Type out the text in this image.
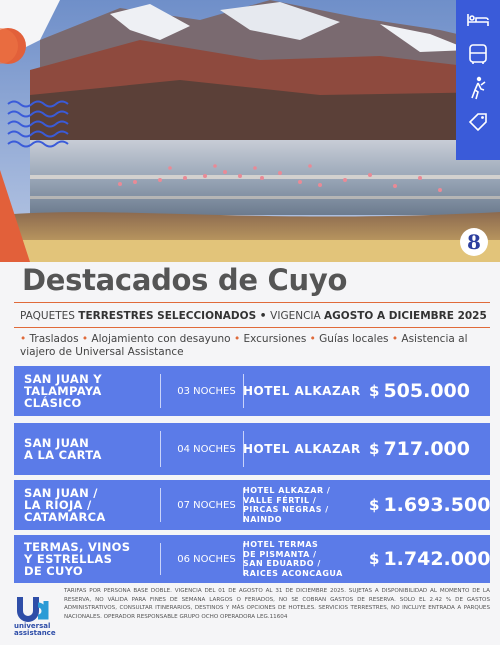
8
Destacados de Cuyo
PAQUETES TERRESTRES SELECCIONADOS • VIGENCIA AGOSTO A DICIEMBRE 2025
• Traslados • Alojamiento con desayuno • Excursiones • Guías locales • Asistencia al viajero de Universal Assistance
SAN JUAN Y
TALAMPAYA
CLÁSICO
03 NOCHES HOTEL ALKAZAR $ 505.000
SAN JUAN
A LA CARTA	04 NOCHES HOTEL ALKAZAR $ 717.000
SAN JUAN /
LA RIOJA /
CATAMARCA
07 NOCHES
HOTEL ALKAZAR /
VALLE FÉRTIL /
PIRCAS NEGRAS /
NAINDO
$ 1.693.500
TERMAS, VINOS
Y ESTRELLAS
DE CUYO
06 NOCHES
HOTEL TERMAS
DE PISMANTA /
SAN EDUARDO /
RAICES ACONCAGUA
$ 1.742.000
universal
assistance
TARIFAS POR PERSONA BASE DOBLE. VIGENCIA DEL 01 DE AGOSTO AL 31 DE DICIEMBRE 2025. SUJETAS A DISPONIBILIDAD AL MOMENTO DE LA RESERVA, NO VÁLIDA PARA FINES DE SEMANA LARGOS O FERIADOS, NO SE COBRAN GASTOS DE RESERVA. SOLO EL 2.42 % DE GASTOS ADMINISTRATIVOS, CONSULTAR ITINERARIOS, DESTINOS Y MÁS OPCIONES DE HOTELES. SERVICIOS TERRESTRES, NO INCLUYE ENTRADA A PARQUES NACIONALES. OPERADOR RESPONSABLE GRUPO OCHO OPERADORA LEG.11604
